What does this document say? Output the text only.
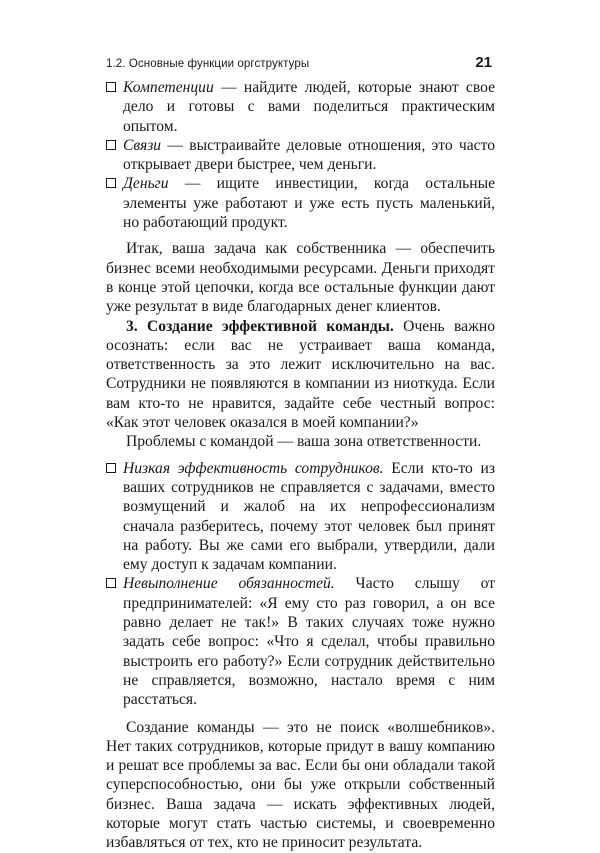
1.2. Основные функции оргструктуры	21

Компетенции — найдите людей, которые знают свое дело и готовы с вами поделиться практическим опытом.

Связи — выстраивайте деловые отношения, это часто открывает двери быстрее, чем деньги.

Деньги — ищите инвестиции, когда остальные элементы уже работают и уже есть пусть маленький, но работающий продукт.

Итак, ваша задача как собственника — обеспечить бизнес всеми необходимыми ресурсами. Деньги приходят в конце этой цепочки, когда все остальные функции дают уже результат в виде благодарных денег клиентов.

3. Создание эффективной команды. Очень важно осознать: если вас не устраивает ваша команда, ответственность за это лежит исключительно на вас. Сотрудники не появляются в компании из ниоткуда. Если вам кто-то не нравится, задайте себе честный вопрос: «Как этот человек оказался в моей компании?»

Проблемы с командой — ваша зона ответственности.

Низкая эффективность сотрудников. Если кто-то из ваших сотрудников не справляется с задачами, вместо возмущений и жалоб на их непрофессионализм сначала разберитесь, почему этот человек был принят на работу. Вы же сами его выбрали, утвердили, дали ему доступ к задачам компании.

Невыполнение обязанностей. Часто слышу от предпринимателей: «Я ему сто раз говорил, а он все равно делает не так!» В таких случаях тоже нужно задать себе вопрос: «Что я сделал, чтобы правильно выстроить его работу?» Если сотрудник действительно не справляется, возможно, настало время с ним расстаться.

Создание команды — это не поиск «волшебников». Нет таких сотрудников, которые придут в вашу компанию и решат все проблемы за вас. Если бы они обладали такой суперспособностью, они бы уже открыли собственный бизнес. Ваша задача — искать эффективных людей, которые могут стать частью системы, и своевременно избавляться от тех, кто не приносит результата.
